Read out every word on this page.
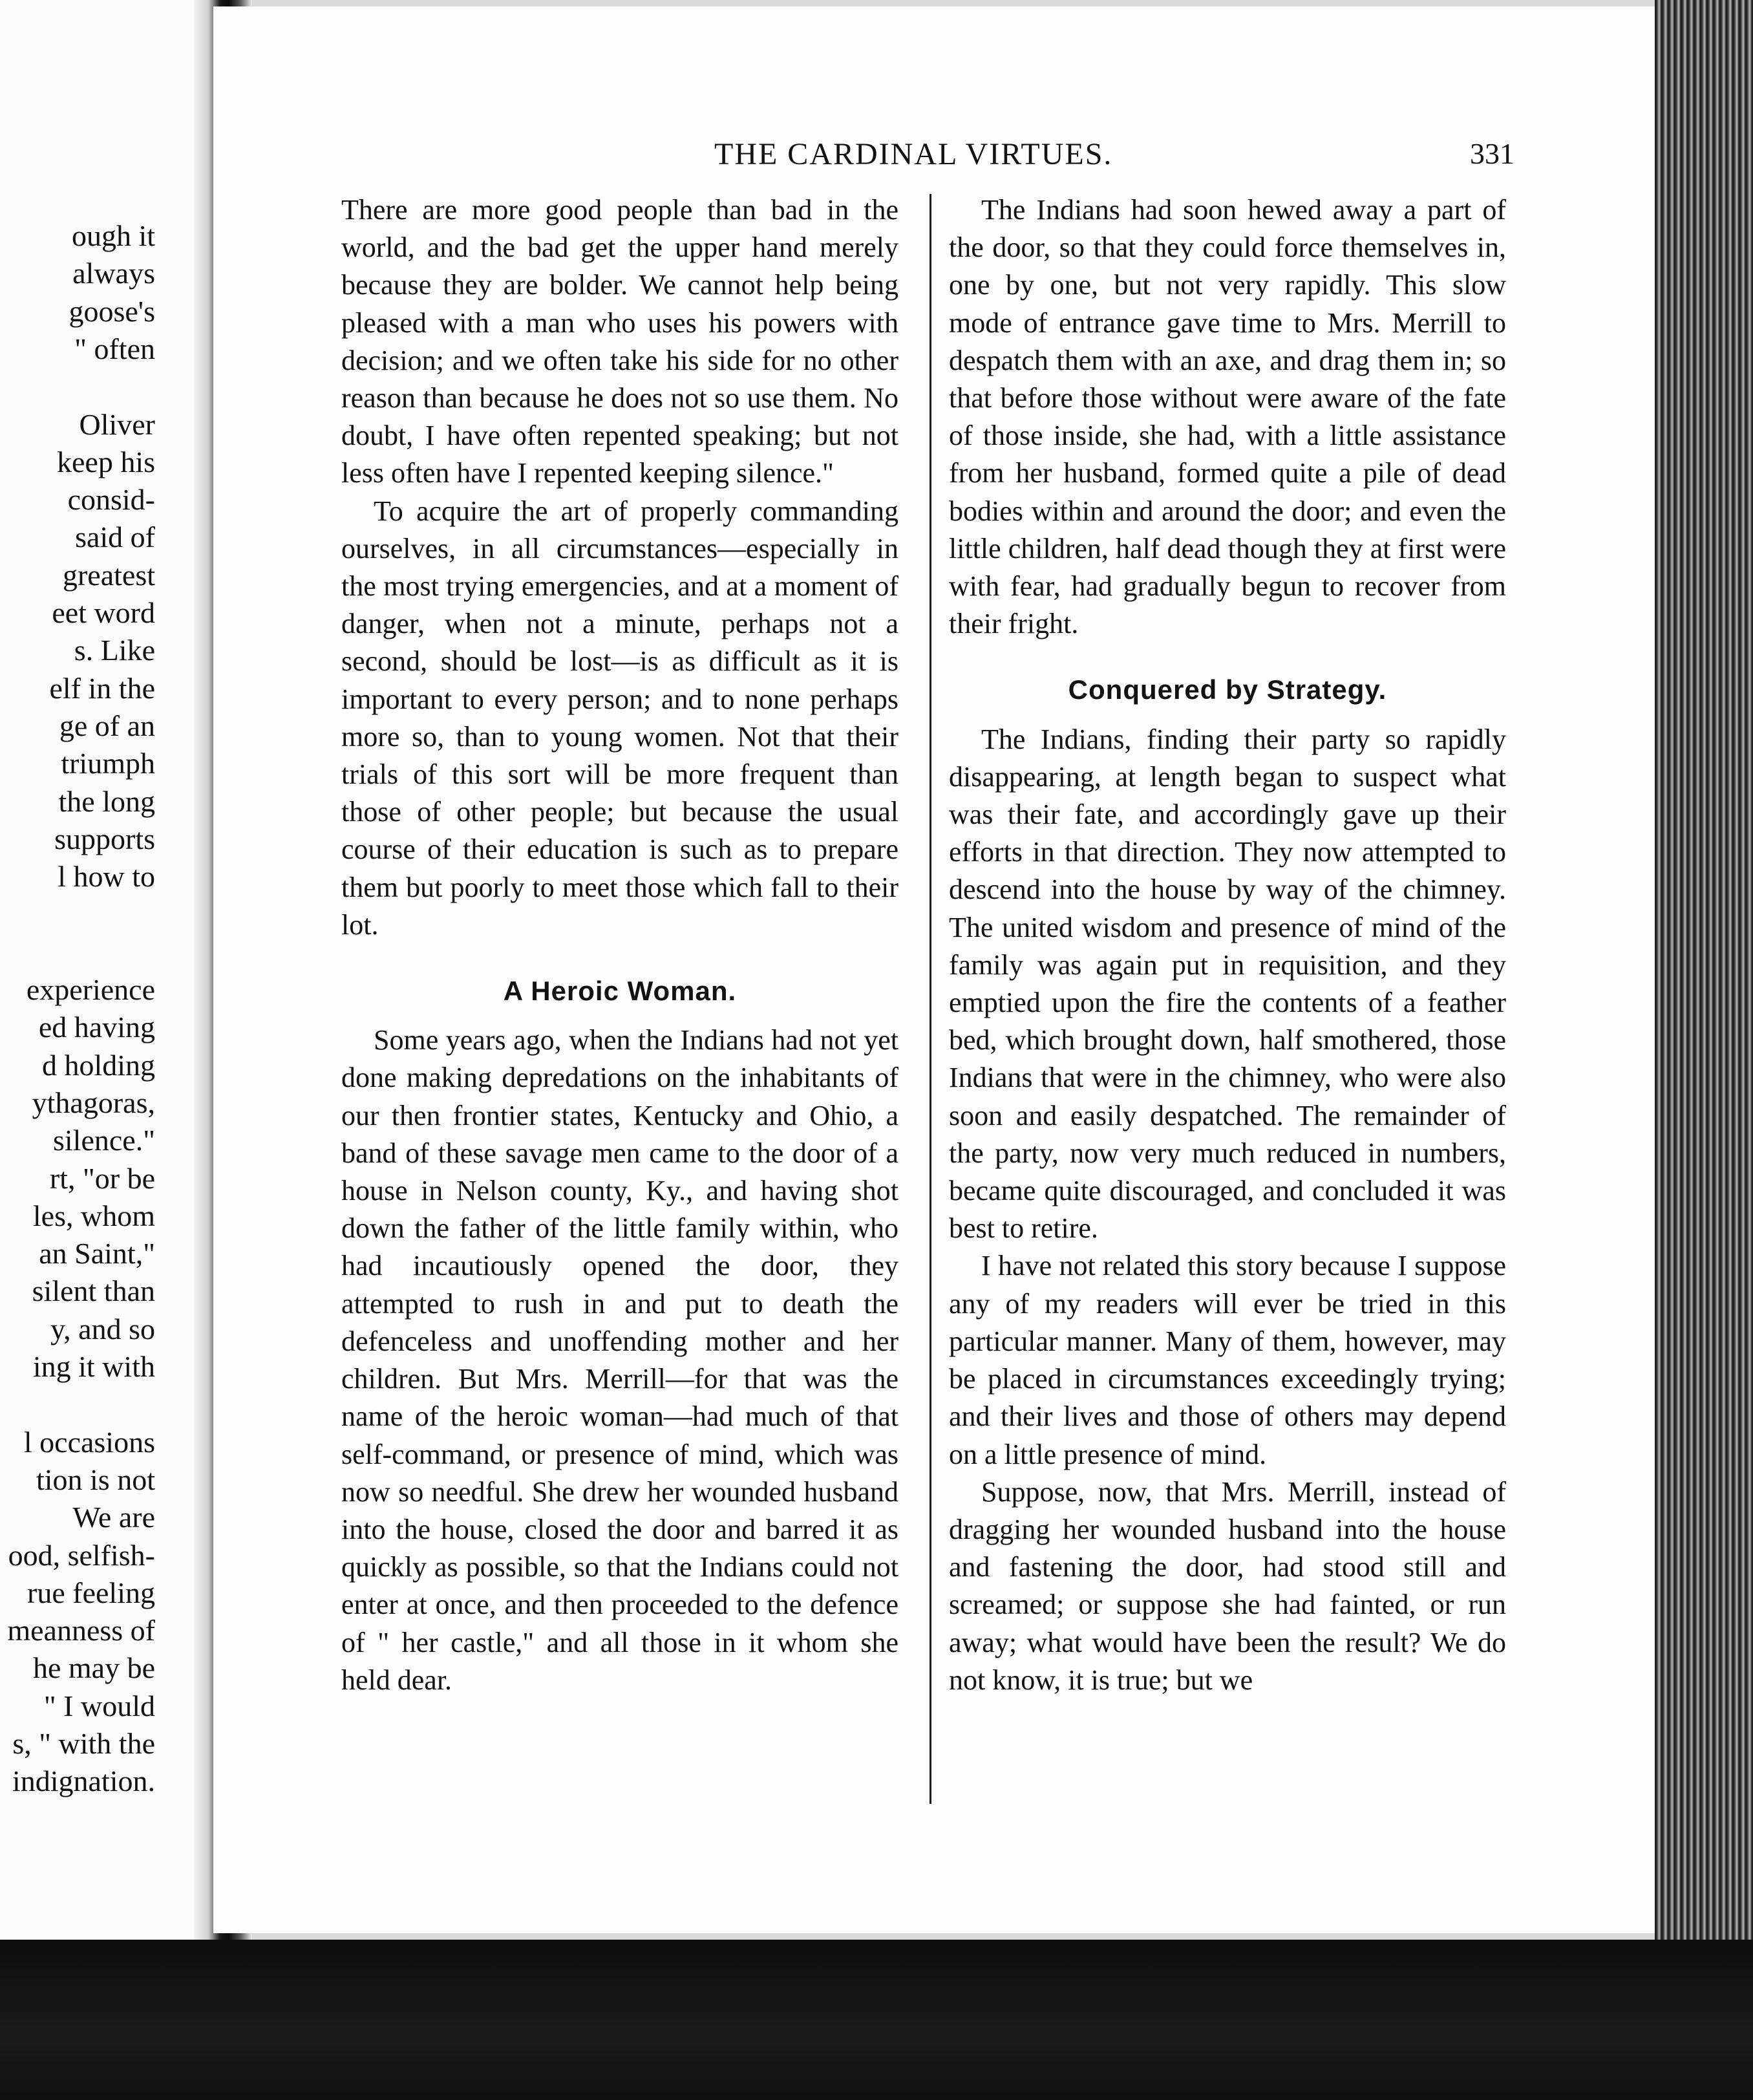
ough it
always
goose's
" often
Oliver
keep his
consid-
said of
greatest
eet word
s. Like
elf in the
ge of an
triumph
the long
supports
l how to
experience
ed having
d holding
ythagoras,
silence."
rt, "or be
les, whom
an Saint,"
silent than
y, and so
ing it with
l occasions
tion is not
We are
ood, selfish-
rue feeling
meanness of
he may be
" I would
s, " with the
indignation.
THE CARDINAL VIRTUES.	331

There are more good people than bad in the world, and the bad get the upper hand merely because they are bolder. We cannot help being pleased with a man who uses his powers with decision; and we often take his side for no other reason than because he does not so use them. No doubt, I have often repented speaking; but not less often have I repented keeping silence."

To acquire the art of properly commanding ourselves, in all circumstances—especially in the most trying emergencies, and at a moment of danger, when not a minute, perhaps not a second, should be lost—is as difficult as it is important to every person; and to none perhaps more so, than to young women. Not that their trials of this sort will be more frequent than those of other people; but because the usual course of their education is such as to prepare them but poorly to meet those which fall to their lot.

A Heroic Woman.

Some years ago, when the Indians had not yet done making depredations on the inhabitants of our then frontier states, Kentucky and Ohio, a band of these savage men came to the door of a house in Nelson county, Ky., and having shot down the father of the little family within, who had incautiously opened the door, they attempted to rush in and put to death the defenceless and unoffending mother and her children. But Mrs. Merrill—for that was the name of the heroic woman—had much of that self-command, or presence of mind, which was now so needful. She drew her wounded husband into the house, closed the door and barred it as quickly as possible, so that the Indians could not enter at once, and then proceeded to the defence of " her castle," and all those in it whom she held dear.

The Indians had soon hewed away a part of the door, so that they could force themselves in, one by one, but not very rapidly. This slow mode of entrance gave time to Mrs. Merrill to despatch them with an axe, and drag them in; so that before those without were aware of the fate of those inside, she had, with a little assistance from her husband, formed quite a pile of dead bodies within and around the door; and even the little children, half dead though they at first were with fear, had gradually begun to recover from their fright.

Conquered by Strategy.

The Indians, finding their party so rapidly disappearing, at length began to suspect what was their fate, and accordingly gave up their efforts in that direction. They now attempted to descend into the house by way of the chimney. The united wisdom and presence of mind of the family was again put in requisition, and they emptied upon the fire the contents of a feather bed, which brought down, half smothered, those Indians that were in the chimney, who were also soon and easily despatched. The remainder of the party, now very much reduced in numbers, became quite discouraged, and concluded it was best to retire.

I have not related this story because I suppose any of my readers will ever be tried in this particular manner. Many of them, however, may be placed in circumstances exceedingly trying; and their lives and those of others may depend on a little presence of mind.

Suppose, now, that Mrs. Merrill, instead of dragging her wounded husband into the house and fastening the door, had stood still and screamed; or suppose she had fainted, or run away; what would have been the result? We do not know, it is true; but we
